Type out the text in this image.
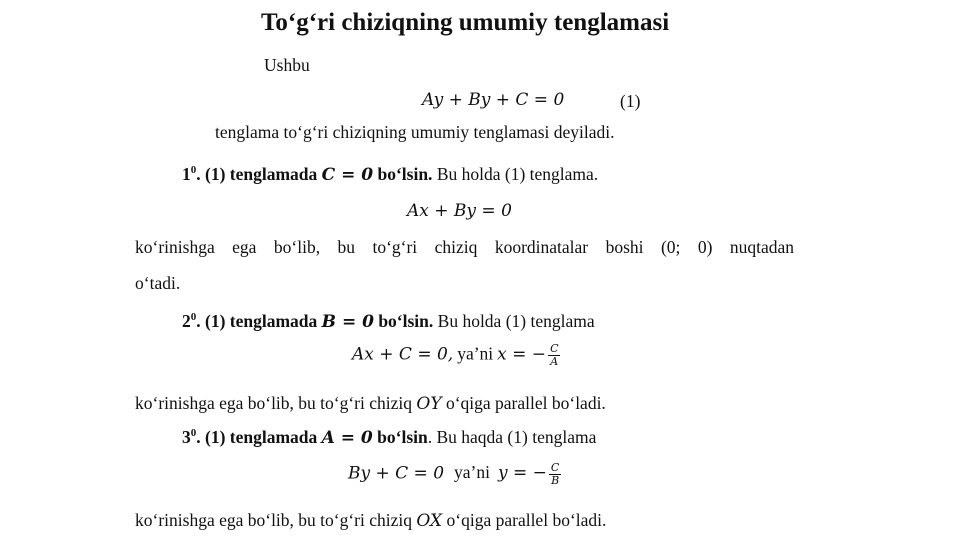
To‘g‘ri chiziqning umumiy tenglamasi
Ushbu
Ay + By + C = 0	(1)
tenglama to‘g‘ri chiziqning umumiy tenglamasi deyiladi.
$1^0$. (1) tenglamada C = 0 bo‘lsin. Bu holda (1) tenglama.
Ax + By = 0
ko‘rinishga ega bo‘lib, bu to‘g‘ri chiziq koordinatalar boshi (0; 0) nuqtadan
o‘tadi.
$2^0$. (1) tenglamada B = 0 bo‘lsin. Bu holda (1) tenglama
Ax + C = 0, ya’ni x = − $\frac{C}{A}$
ko‘rinishga ega bo‘lib, bu to‘g‘ri chiziq OY o‘qiga parallel bo‘ladi.
$3^0$. (1) tenglamada A = 0 bo‘lsin. Bu haqda (1) tenglama
By + C = 0 ya’ni y = − $\frac{C}{B}$
ko‘rinishga ega bo‘lib, bu to‘g‘ri chiziq OX o‘qiga parallel bo‘ladi.
